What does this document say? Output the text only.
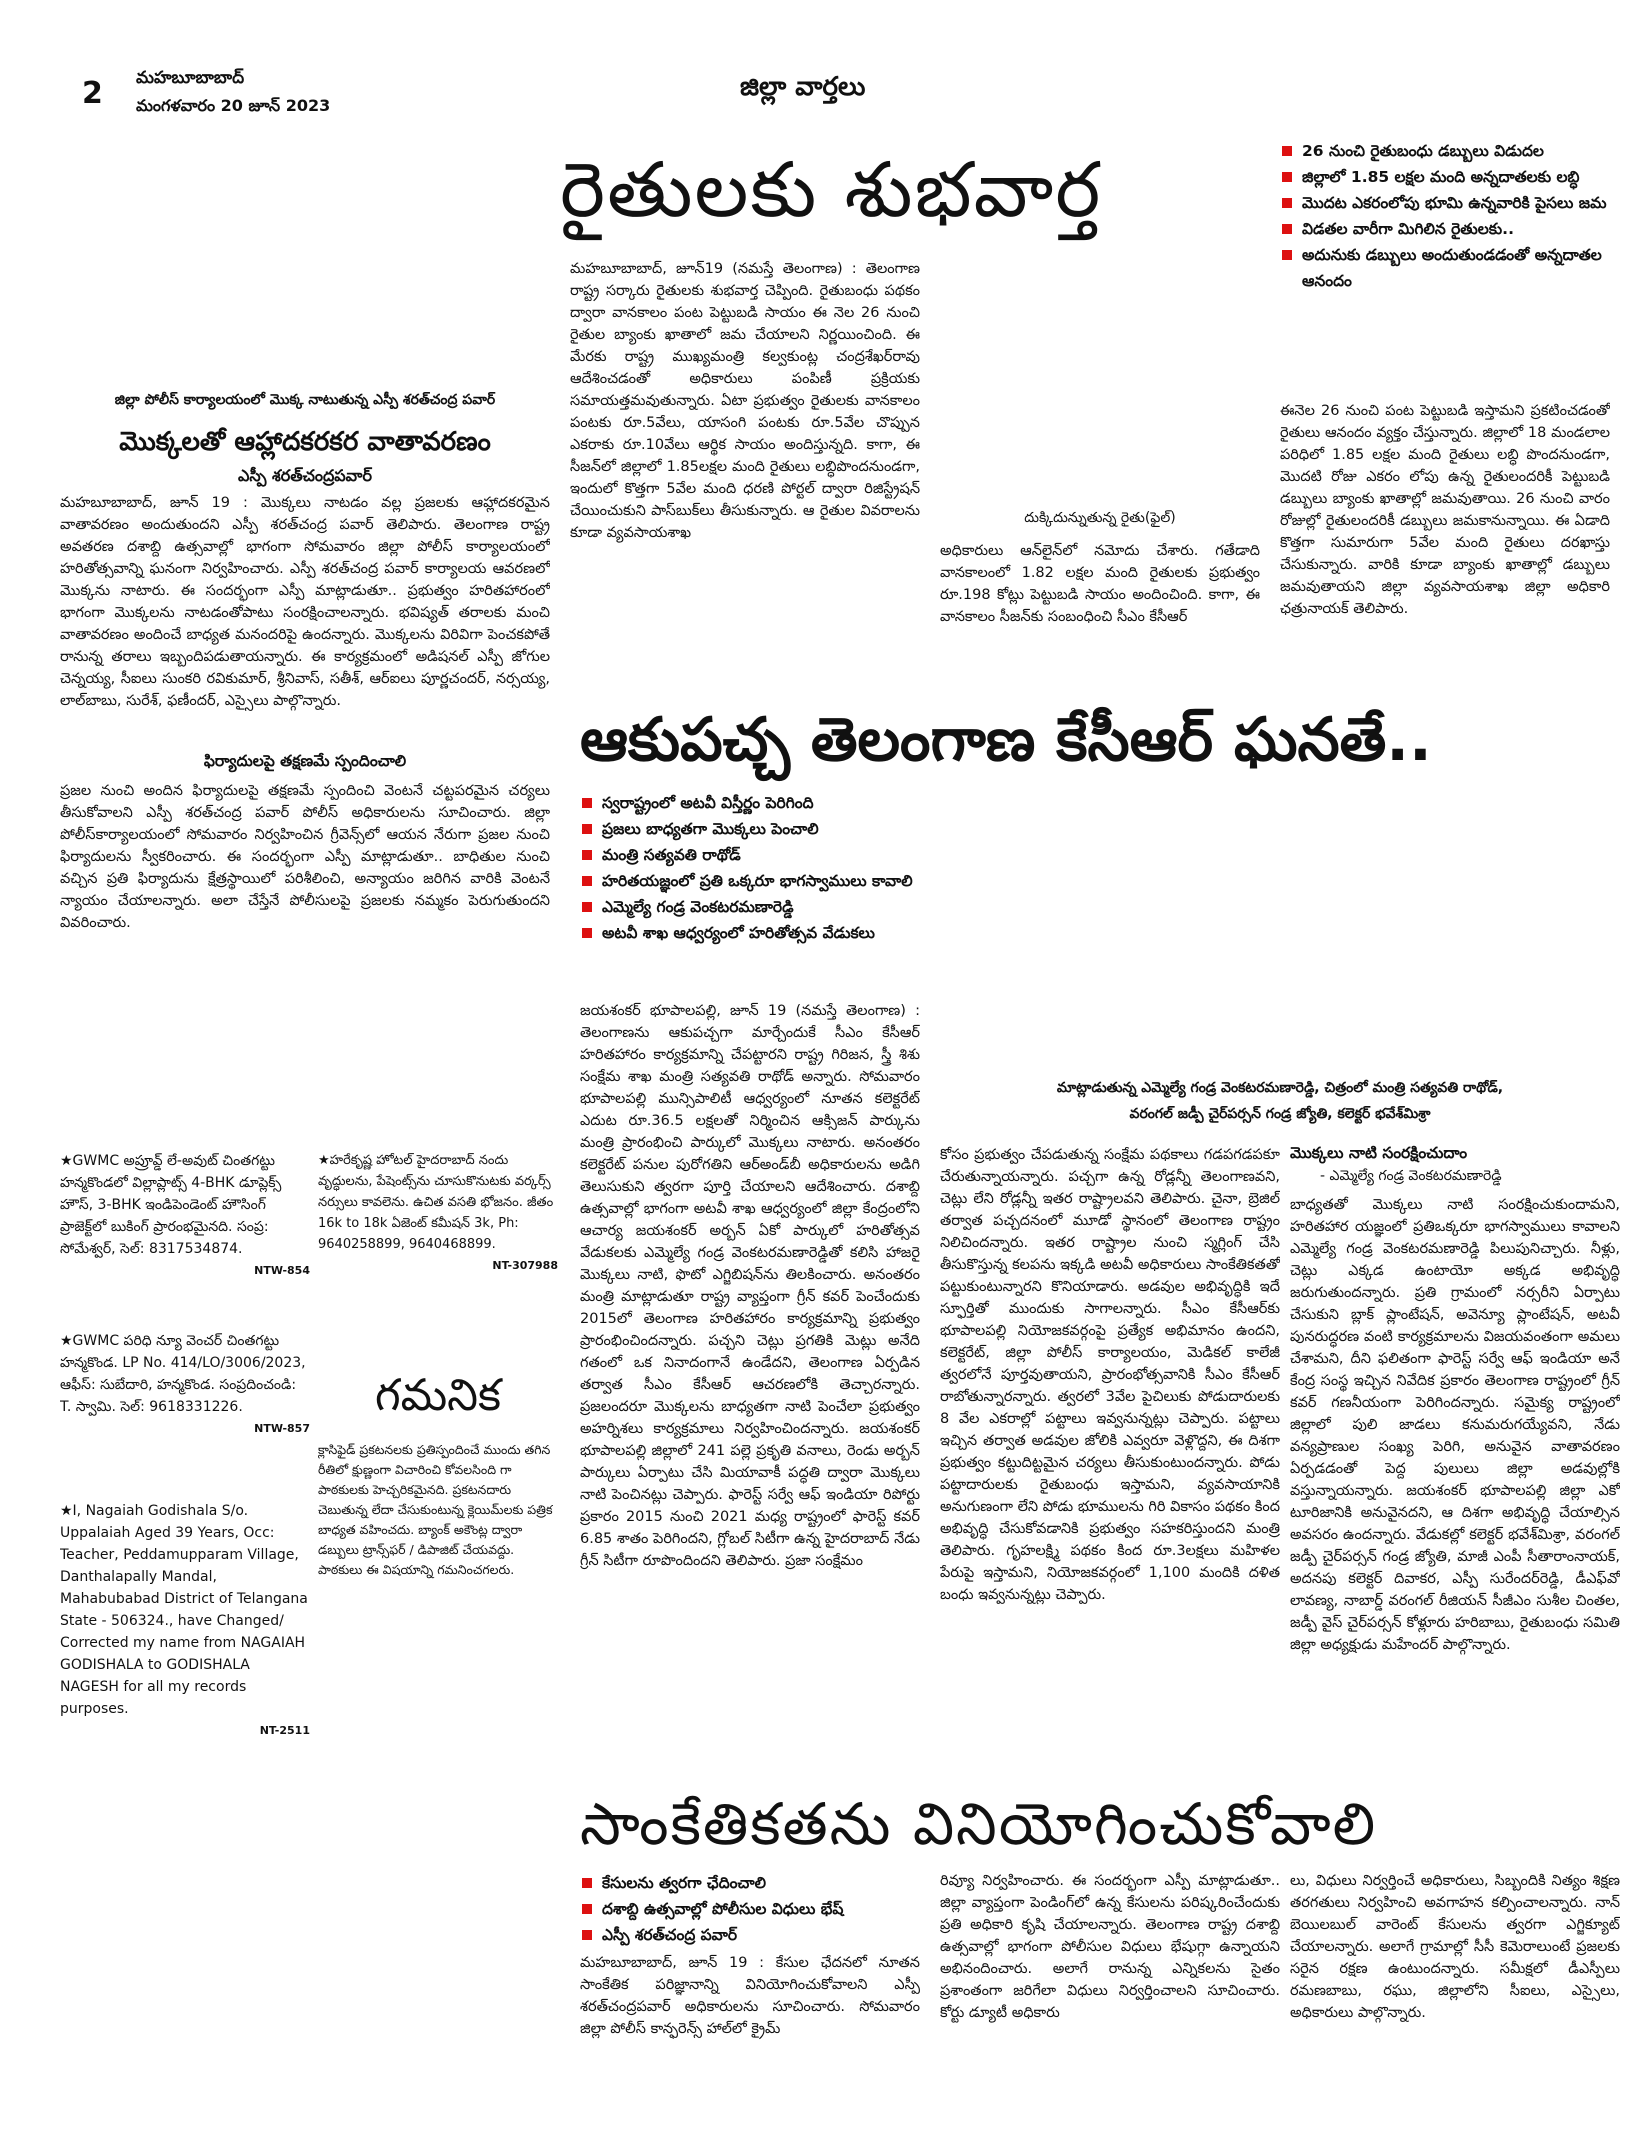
2 మహబూబాబాద్
మంగళవారం 20 జూన్ 2023
జిల్లా వార్తలు
రైతులకు శుభవార్త	26 నుంచి రైతుబంధు డబ్బులు విడుదల
జిల్లాలో 1.85 లక్షల మంది అన్నదాతలకు లబ్ధి
మొదట ఎకరంలోపు భూమి ఉన్నవారికి పైసలు జమ
విడతల వారీగా మిగిలిన రైతులకు..
అదునుకు డబ్బులు అందుతుండడంతో అన్నదాతల ఆనందం
మహబూబాబాద్, జూన్19 (నమస్తే తెలంగాణ) : తెలంగాణ రాష్ట్ర సర్కారు రైతులకు శుభవార్త చెప్పింది. రైతుబంధు పథకం ద్వారా వానకాలం పంట పెట్టుబడి సాయం ఈ నెల 26 నుంచి రైతుల బ్యాంకు ఖాతాలో జమ చేయాలని నిర్ణయించింది. ఈ మేరకు రాష్ట్ర ముఖ్యమంత్రి కల్వకుంట్ల చంద్రశేఖర్‌రావు ఆదేశించడంతో అధికారులు పంపిణీ ప్రక్రియకు సమాయత్తమవుతున్నారు. ఏటా ప్రభుత్వం రైతులకు వానకాలం పంటకు రూ.5వేలు, యాసంగి పంటకు రూ.5వేల చొప్పున ఎకరాకు రూ.10వేలు ఆర్థిక సాయం అందిస్తున్నది. కాగా, ఈ సీజన్‌లో జిల్లాలో 1.85లక్షల మంది రైతులు లబ్ధిపొందనుండగా, ఇందులో కొత్తగా 5వేల మంది ధరణి పోర్టల్ ద్వారా రిజిస్ట్రేషన్ చేయించుకుని పాస్‌బుక్‌లు తీసుకున్నారు. ఆ రైతుల వివరాలను కూడా వ్యవసాయశాఖ
దుక్కిదున్నుతున్న రైతు(ఫైల్)
అధికారులు ఆన్‌లైన్‌లో నమోదు చేశారు. గతేడాది వానకాలంలో 1.82 లక్షల మంది రైతులకు ప్రభుత్వం రూ.198 కోట్లు పెట్టుబడి సాయం అందించింది. కాగా, ఈ వానకాలం సీజన్‌కు సంబంధించి సీఎం కేసీఆర్
ఈనెల 26 నుంచి పంట పెట్టుబడి ఇస్తామని ప్రకటించడంతో రైతులు ఆనందం వ్యక్తం చేస్తున్నారు. జిల్లాలో 18 మండలాల పరిధిలో 1.85 లక్షల మంది రైతులు లబ్ధి పొందనుండగా, మొదటి రోజు ఎకరం లోపు ఉన్న రైతులందరికీ పెట్టుబడి డబ్బులు బ్యాంకు ఖాతాల్లో జమవుతాయి. 26 నుంచి వారం రోజుల్లో రైతులందరికీ డబ్బులు జమకానున్నాయి. ఈ ఏడాది కొత్తగా సుమారుగా 5వేల మంది రైతులు దరఖాస్తు చేసుకున్నారు. వారికి కూడా బ్యాంకు ఖాతాల్లో డబ్బులు జమవుతాయని జిల్లా వ్యవసాయశాఖ జిల్లా అధికారి ఛత్రునాయక్ తెలిపారు.
జిల్లా పోలీస్ కార్యాలయంలో మొక్క నాటుతున్న ఎస్పీ శరత్‌చంద్ర పవార్
మొక్కలతో ఆహ్లాదకరకర వాతావరణం
ఎస్పీ శరత్‌చంద్రపవార్
మహబూబాబాద్, జూన్ 19 : మొక్కలు నాటడం వల్ల ప్రజలకు ఆహ్లాదకరమైన వాతావరణం అందుతుందని ఎస్పీ శరత్‌చంద్ర పవార్ తెలిపారు. తెలంగాణ రాష్ట్ర అవతరణ దశాబ్ది ఉత్సవాల్లో భాగంగా సోమవారం జిల్లా పోలీస్ కార్యాలయంలో హరితోత్సవాన్ని ఘనంగా నిర్వహించారు. ఎస్పీ శరత్‌చంద్ర పవార్ కార్యాలయ ఆవరణలో మొక్కను నాటారు. ఈ సందర్భంగా ఎస్పీ మాట్లాడుతూ.. ప్రభుత్వం హరితహారంలో భాగంగా మొక్కలను నాటడంతోపాటు సంరక్షించాలన్నారు. భవిష్యత్ తరాలకు మంచి వాతావరణం అందించే బాధ్యత మనందరిపై ఉందన్నారు. మొక్కలను విరివిగా పెంచకపోతే రానున్న తరాలు ఇబ్బందిపడుతాయన్నారు. ఈ కార్యక్రమంలో అడిషనల్ ఎస్పీ జోగుల చెన్నయ్య, సీఐలు సుంకరి రవికుమార్, శ్రీనివాస్, సతీశ్, ఆర్‌ఐలు పూర్ణచందర్, నర్సయ్య, లాల్‌బాబు, సురేశ్, ఫణీందర్, ఎస్సైలు పాల్గొన్నారు.
ఫిర్యాదులపై తక్షణమే స్పందించాలి
ప్రజల నుంచి అందిన ఫిర్యాదులపై తక్షణమే స్పందించి వెంటనే చట్టపరమైన చర్యలు తీసుకోవాలని ఎస్పీ శరత్‌చంద్ర పవార్ పోలీస్ అధికారులను సూచించారు. జిల్లా పోలీస్‌కార్యాలయంలో సోమవారం నిర్వహించిన గ్రీవెన్స్‌లో ఆయన నేరుగా ప్రజల నుంచి ఫిర్యాదులను స్వీకరించారు. ఈ సందర్భంగా ఎస్పీ మాట్లాడుతూ.. బాధితుల నుంచి వచ్చిన ప్రతి ఫిర్యాదును క్షేత్రస్థాయిలో పరిశీలించి, అన్యాయం జరిగిన వారికి వెంటనే న్యాయం చేయాలన్నారు. అలా చేస్తేనే పోలీసులపై ప్రజలకు నమ్మకం పెరుగుతుందని వివరించారు.
ఆకుపచ్చ తెలంగాణ కేసీఆర్ ఘనతే..
స్వరాష్ట్రంలో అటవీ విస్తీర్ణం పెరిగింది
ప్రజలు బాధ్యతగా మొక్కలు పెంచాలి
మంత్రి సత్యవతి రాథోడ్
హరితయజ్ఞంలో ప్రతి ఒక్కరూ భాగస్వాములు కావాలి
ఎమ్మెల్యే గండ్ర వెంకటరమణారెడ్డి
అటవీ శాఖ ఆధ్వర్యంలో హరితోత్సవ వేడుకలు
మాట్లాడుతున్న ఎమ్మెల్యే గండ్ర వెంకటరమణారెడ్డి, చిత్రంలో మంత్రి సత్యవతి రాథోడ్,
వరంగల్ జడ్పీ చైర్‌పర్సన్ గండ్ర జ్యోతి, కలెక్టర్ భవేశ్‌మిశ్రా
జయశంకర్ భూపాలపల్లి, జూన్ 19 (నమస్తే తెలంగాణ) : తెలంగాణను ఆకుపచ్చగా మార్చేందుకే సీఎం కేసీఆర్ హరితహారం కార్యక్రమాన్ని చేపట్టారని రాష్ట్ర గిరిజన, స్త్రీ శిశు సంక్షేమ శాఖ మంత్రి సత్యవతి రాథోడ్ అన్నారు. సోమవారం భూపాలపల్లి మున్సిపాలిటీ ఆధ్వర్యంలో నూతన కలెక్టరేట్ ఎదుట రూ.36.5 లక్షలతో నిర్మించిన ఆక్సిజన్ పార్కును మంత్రి ప్రారంభించి పార్కులో మొక్కలు నాటారు. అనంతరం కలెక్టరేట్ పనుల పురోగతిని ఆర్‌అండ్‌బీ అధికారులను అడిగి తెలుసుకుని త్వరగా పూర్తి చేయాలని ఆదేశించారు. దశాబ్ది ఉత్సవాల్లో భాగంగా అటవీ శాఖ ఆధ్వర్యంలో జిల్లా కేంద్రంలోని ఆచార్య జయశంకర్ అర్బన్ ఏకో పార్కులో హరితోత్సవ వేడుకలకు ఎమ్మెల్యే గండ్ర వెంకటరమణారెడ్డితో కలిసి హాజరై మొక్కలు నాటి, ఫొటో ఎగ్జిబిషన్‌ను తిలకించారు. అనంతరం మంత్రి మాట్లాడుతూ రాష్ట్ర వ్యాప్తంగా గ్రీన్ కవర్ పెంచేందుకు 2015లో తెలంగాణ హరితహారం కార్యక్రమాన్ని ప్రభుత్వం ప్రారంభించిందన్నారు. పచ్చని చెట్లు ప్రగతికి మెట్లు అనేది గతంలో ఒక నినాదంగానే ఉండేదని, తెలంగాణ ఏర్పడిన తర్వాత సీఎం కేసీఆర్ ఆచరణలోకి తెచ్చారన్నారు. ప్రజలందరూ మొక్కలను బాధ్యతగా నాటి పెంచేలా ప్రభుత్వం అహర్నిశలు కార్యక్రమాలు నిర్వహించిందన్నారు. జయశంకర్ భూపాలపల్లి జిల్లాలో 241 పల్లె ప్రకృతి వనాలు, రెండు అర్బన్ పార్కులు ఏర్పాటు చేసి మియావాకీ పద్ధతి ద్వారా మొక్కలు నాటి పెంచినట్లు చెప్పారు. ఫారెస్ట్ సర్వే ఆఫ్ ఇండియా రిపోర్టు ప్రకారం 2015 నుంచి 2021 మధ్య రాష్ట్రంలో ఫారెస్ట్ కవర్ 6.85 శాతం పెరిగిందని, గ్లోబల్ సిటీగా ఉన్న హైదరాబాద్ నేడు గ్రీన్ సిటీగా రూపొందిందని తెలిపారు. ప్రజా సంక్షేమం
కోసం ప్రభుత్వం చేపడుతున్న సంక్షేమ పథకాలు గడపగడపకూ చేరుతున్నాయన్నారు. పచ్చగా ఉన్న రోడ్లన్నీ తెలంగాణవని, చెట్లు లేని రోడ్లన్నీ ఇతర రాష్ట్రాలవని తెలిపారు. చైనా, బ్రెజిల్ తర్వాత పచ్చదనంలో మూడో స్థానంలో తెలంగాణ రాష్ట్రం నిలిచిందన్నారు. ఇతర రాష్ట్రాల నుంచి స్మగ్లింగ్ చేసి తీసుకొస్తున్న కలపను ఇక్కడి అటవీ అధికారులు సాంకేతికతతో పట్టుకుంటున్నారని కొనియాడారు. అడవుల అభివృద్ధికి ఇదే స్ఫూర్తితో ముందుకు సాగాలన్నారు. సీఎం కేసీఆర్‌కు భూపాలపల్లి నియోజకవర్గంపై ప్రత్యేక అభిమానం ఉందని, కలెక్టరేట్, జిల్లా పోలీస్ కార్యాలయం, మెడికల్ కాలేజీ త్వరలోనే పూర్తవుతాయని, ప్రారంభోత్సవానికి సీఎం కేసీఆర్ రాబోతున్నారన్నారు. త్వరలో 3వేల పైచిలుకు పోడుదారులకు 8 వేల ఎకరాల్లో పట్టాలు ఇవ్వనున్నట్లు చెప్పారు. పట్టాలు ఇచ్చిన తర్వాత అడవుల జోలికి ఎవ్వరూ వెళ్లొద్దని, ఈ దిశగా ప్రభుత్వం కట్టుదిట్టమైన చర్యలు తీసుకుంటుందన్నారు. పోడు పట్టాదారులకు రైతుబంధు ఇస్తామని, వ్యవసాయానికి అనుగుణంగా లేని పోడు భూములను గిరి వికాసం పథకం కింద అభివృద్ధి చేసుకోవడానికి ప్రభుత్వం సహకరిస్తుందని మంత్రి తెలిపారు. గృహలక్ష్మి పథకం కింద రూ.3లక్షలు మహిళల పేరుపై ఇస్తామని, నియోజకవర్గంలో 1,100 మందికి దళిత బంధు ఇవ్వనున్నట్లు చెప్పారు.
మొక్కలు నాటి సంరక్షించుదాం
- ఎమ్మెల్యే గండ్ర వెంకటరమణారెడ్డి
బాధ్యతతో మొక్కలు నాటి సంరక్షించుకుందామని, హరితహార యజ్ఞంలో ప్రతిఒక్కరూ భాగస్వాములు కావాలని ఎమ్మెల్యే గండ్ర వెంకటరమణారెడ్డి పిలుపునిచ్చారు. నీళ్లు, చెట్లు ఎక్కడ ఉంటాయో అక్కడ అభివృద్ధి జరుగుతుందన్నారు. ప్రతి గ్రామంలో నర్సరీని ఏర్పాటు చేసుకుని బ్లాక్ ప్లాంటేషన్, అవెన్యూ ప్లాంటేషన్, అటవీ పునరుద్ధరణ వంటి కార్యక్రమాలను విజయవంతంగా అమలు చేశామని, దీని ఫలితంగా ఫారెస్ట్ సర్వే ఆఫ్ ఇండియా అనే కేంద్ర సంస్థ ఇచ్చిన నివేదిక ప్రకారం తెలంగాణ రాష్ట్రంలో గ్రీన్ కవర్ గణనీయంగా పెరిగిందన్నారు. సమైక్య రాష్ట్రంలో జిల్లాలో పులి జాడలు కనుమరుగయ్యేవని, నేడు వన్యప్రాణుల సంఖ్య పెరిగి, అనువైన వాతావరణం ఏర్పడడంతో పెద్ద పులులు జిల్లా అడవుల్లోకి వస్తున్నాయన్నారు. జయశంకర్ భూపాలపల్లి జిల్లా ఎకో టూరిజానికి అనువైనదని, ఆ దిశగా అభివృద్ధి చేయాల్సిన అవసరం ఉందన్నారు. వేడుకల్లో కలెక్టర్ భవేశ్‌మిశ్రా, వరంగల్ జడ్పీ చైర్‌పర్సన్ గండ్ర జ్యోతి, మాజీ ఎంపీ సీతారాంనాయక్, అదనపు కలెక్టర్ దివాకర, ఎస్పీ సురేందర్‌రెడ్డి, డీఎఫ్‌వో లావణ్య, నాబార్డ్ వరంగల్ రీజియన్ సీజీఎం సుశీల చింతల, జడ్పీ వైస్ చైర్‌పర్సన్ కోళ్లూరు హరిబాబు, రైతుబంధు సమితి జిల్లా అధ్యక్షుడు మహేందర్ పాల్గొన్నారు.
★GWMC అప్రూవ్డ్ లే-అవుట్ చింతగట్టు హన్మకొండలో విల్లాప్లాట్స్ 4-BHK డూప్లెక్స్ హౌస్, 3-BHK ఇండిపెండెంట్ హౌసింగ్ ప్రాజెక్ట్‌లో బుకింగ్ ప్రారంభమైనది. సంప్ర: సోమేశ్వర్, సెల్: 8317534874.
NTW-854
★GWMC పరిధి న్యూ వెంచర్ చింతగట్టు హన్మకొండ. LP No. 414/LO/3006/2023, ఆఫీస్: సుబేదారి, హన్మకొండ. సంప్రదించండి: T. స్వామి. సెల్: 9618331226.
NTW-857
★I, Nagaiah Godishala S/o. Uppalaiah Aged 39 Years, Occ: Teacher, Peddamupparam Village, Danthalapally Mandal, Mahabubabad District of Telangana State - 506324., have Changed/ Corrected my name from NAGAIAH GODISHALA to GODISHALA NAGESH for all my records purposes.
NT-2511
★హరేకృష్ణ హోటల్ హైదరాబాద్ నందు వృద్ధులను, పేషెంట్స్‌ను చూసుకొనుటకు వర్కర్స్ నర్సులు కావలెను. ఉచిత వసతి భోజనం. జీతం 16k to 18k ఏజెంట్ కమీషన్ 3k, Ph: 9640258899, 9640468899.
NT-307988
గమనిక
క్లాసిఫైడ్ ప్రకటనలకు ప్రతిస్పందించే ముందు తగిన రీతిలో క్షుణ్ణంగా విచారించి కోవలసింది గా పాఠకులకు హెచ్చరికమైనది. ప్రకటనదారు చెబుతున్న లేదా చేసుకుంటున్న క్లెయిమ్‌లకు పత్రిక బాధ్యత వహించదు. బ్యాంక్ అకౌంట్ల ద్వారా డబ్బులు ట్రాన్స్‌ఫర్ / డిపాజిట్ చేయవద్దు. పాఠకులు ఈ విషయాన్ని గమనించగలరు.
సాంకేతికతను వినియోగించుకోవాలి
కేసులను త్వరగా ఛేదించాలి
దశాబ్ది ఉత్సవాల్లో పోలీసుల విధులు భేష్
ఎస్పీ శరత్‌చంద్ర పవార్
మహబూబాబాద్, జూన్ 19 : కేసుల ఛేదనలో నూతన సాంకేతిక పరిజ్ఞానాన్ని వినియోగించుకోవాలని ఎస్పీ శరత్‌చంద్రపవార్ అధికారులను సూచించారు. సోమవారం జిల్లా పోలీస్ కాన్ఫరెన్స్ హాల్‌లో క్రైమ్
రివ్యూ నిర్వహించారు. ఈ సందర్భంగా ఎస్పీ మాట్లాడుతూ.. జిల్లా వ్యాప్తంగా పెండింగ్‌లో ఉన్న కేసులను పరిష్కరించేందుకు ప్రతి అధికారి కృషి చేయాలన్నారు. తెలంగాణ రాష్ట్ర దశాబ్ది ఉత్సవాల్లో భాగంగా పోలీసుల విధులు భేషుగ్గా ఉన్నాయని అభినందించారు. అలాగే రానున్న ఎన్నికలను సైతం ప్రశాంతంగా జరిగేలా విధులు నిర్వర్తించాలని సూచించారు. కోర్టు డ్యూటీ అధికారు
లు, విధులు నిర్వర్తించే అధికారులు, సిబ్బందికి నిత్యం శిక్షణ తరగతులు నిర్వహించి అవగాహన కల్పించాలన్నారు. నాన్ బెయిలబుల్ వారెంట్ కేసులను త్వరగా ఎగ్జిక్యూట్ చేయాలన్నారు. అలాగే గ్రామాల్లో సీసీ కెమెరాలుంటే ప్రజలకు సరైన రక్షణ ఉంటుందన్నారు. సమీక్షలో డీఎస్పీలు రమణబాబు, రఘు, జిల్లాలోని సీఐలు, ఎస్సైలు, అధికారులు పాల్గొన్నారు.
